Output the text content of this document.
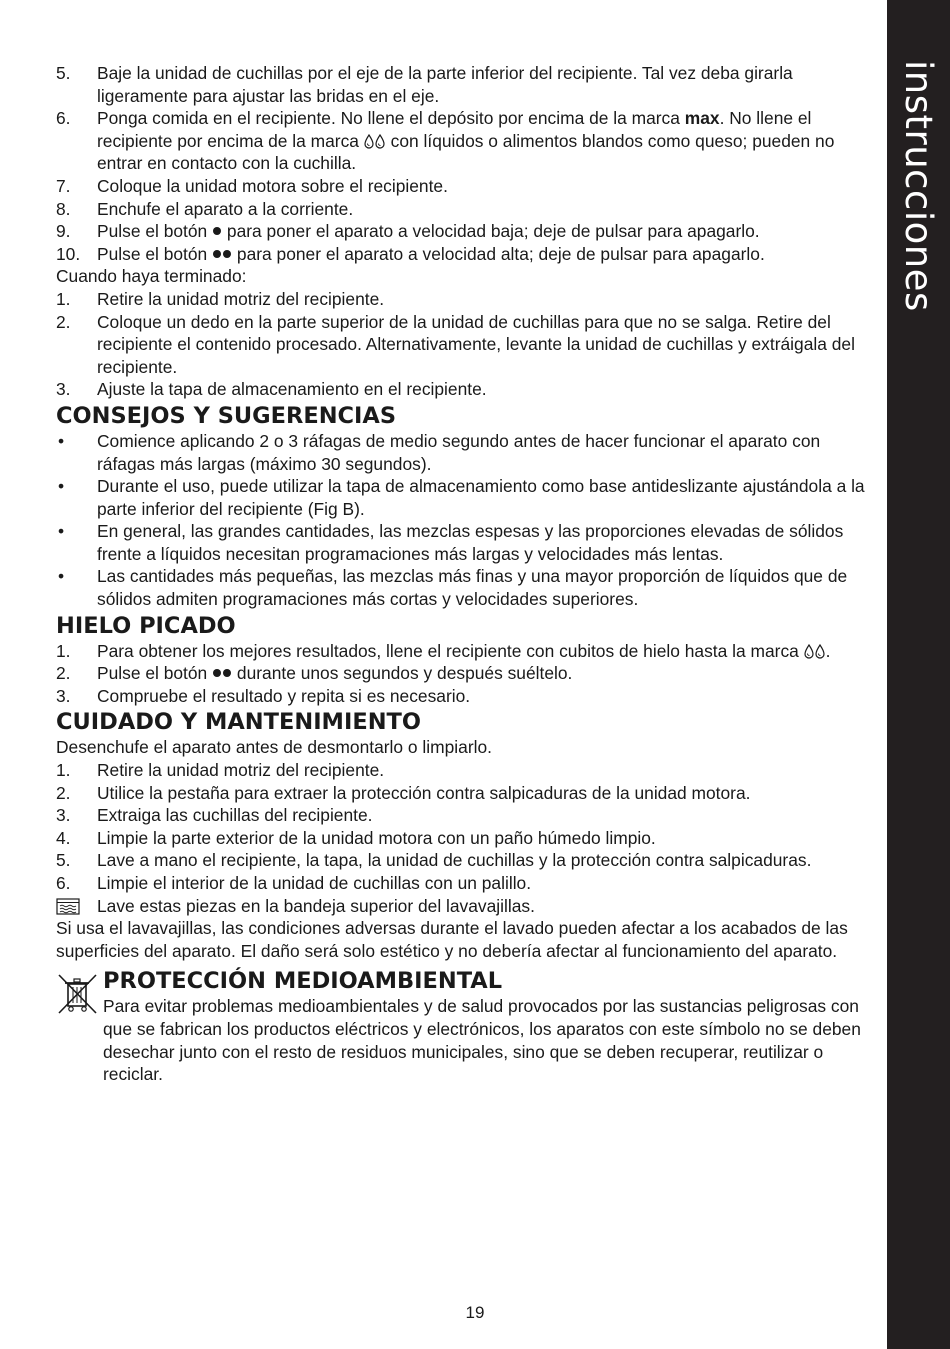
instrucciones
5. Baje la unidad de cuchillas por el eje de la parte inferior del recipiente. Tal vez deba girarla ligeramente para ajustar las bridas en el eje.
6. Ponga comida en el recipiente. No llene el depósito por encima de la marca max. No llene el recipiente por encima de la marca  con líquidos o alimentos blandos como queso; pueden no entrar en contacto con la cuchilla.
7. Coloque la unidad motora sobre el recipiente.
8. Enchufe el aparato a la corriente.
9. Pulse el botón  para poner el aparato a velocidad baja; deje de pulsar para apagarlo.
10. Pulse el botón  para poner el aparato a velocidad alta; deje de pulsar para apagarlo.

Cuando haya terminado:

1. Retire la unidad motriz del recipiente.
2. Coloque un dedo en la parte superior de la unidad de cuchillas para que no se salga. Retire del recipiente el contenido procesado. Alternativamente, levante la unidad de cuchillas y extráigala del recipiente.
3. Ajuste la tapa de almacenamiento en el recipiente.
CONSEJOS Y SUGERENCIAS
• Comience aplicando 2 o 3 ráfagas de medio segundo antes de hacer funcionar el aparato con ráfagas más largas (máximo 30 segundos).
• Durante el uso, puede utilizar la tapa de almacenamiento como base antideslizante ajustándola a la parte inferior del recipiente (Fig B).
• En general, las grandes cantidades, las mezclas espesas y las proporciones elevadas de sólidos frente a líquidos necesitan programaciones más largas y velocidades más lentas.
• Las cantidades más pequeñas, las mezclas más finas y una mayor proporción de líquidos que de sólidos admiten programaciones más cortas y velocidades superiores.
HIELO PICADO
1. Para obtener los mejores resultados, llene el recipiente con cubitos de hielo hasta la marca .
2. Pulse el botón  durante unos segundos y después suéltelo.
3. Compruebe el resultado y repita si es necesario.
CUIDADO Y MANTENIMIENTO

Desenchufe el aparato antes de desmontarlo o limpiarlo.

1. Retire la unidad motriz del recipiente.
2. Utilice la pestaña para extraer la protección contra salpicaduras de la unidad motora.
3. Extraiga las cuchillas del recipiente.
4. Limpie la parte exterior de la unidad motora con un paño húmedo limpio.
5. Lave a mano el recipiente, la tapa, la unidad de cuchillas y la protección contra salpicaduras.
6. Limpie el interior de la unidad de cuchillas con un palillo.
Lave estas piezas en la bandeja superior del lavavajillas.

Si usa el lavavajillas, las condiciones adversas durante el lavado pueden afectar a los acabados de las superficies del aparato. El daño será solo estético y no debería afectar al funcionamiento del aparato.

PROTECCIÓN MEDIOAMBIENTAL

Para evitar problemas medioambientales y de salud provocados por las sustancias peligrosas con que se fabrican los productos eléctricos y electrónicos, los aparatos con este símbolo no se deben desechar junto con el resto de residuos municipales, sino que se deben recuperar, reutilizar o reciclar.

19
